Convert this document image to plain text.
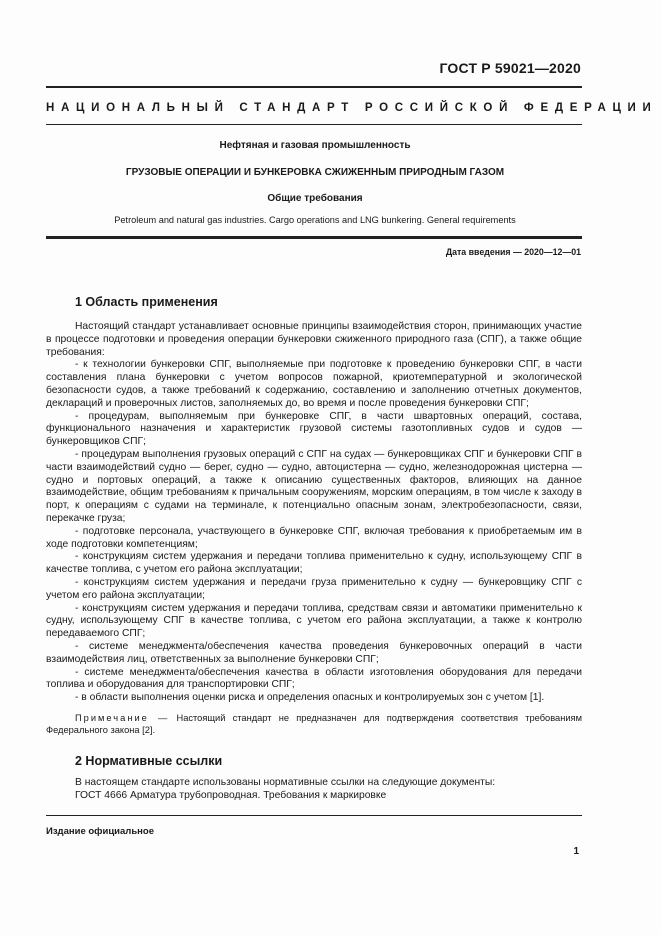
ГОСТ Р 59021—2020
НАЦИОНАЛЬНЫЙ СТАНДАРТ РОССИЙСКОЙ ФЕДЕРАЦИИ
Нефтяная и газовая промышленность
ГРУЗОВЫЕ ОПЕРАЦИИ И БУНКЕРОВКА СЖИЖЕННЫМ ПРИРОДНЫМ ГАЗОМ
Общие требования
Petroleum and natural gas industries. Cargo operations and LNG bunkering. General requirements
Дата введения — 2020—12—01
1 Область применения

Настоящий стандарт устанавливает основные принципы взаимодействия сторон, принимающих участие в процессе подготовки и проведения операции бункеровки сжиженного природного газа (СПГ), а также общие требования:

- к технологии бункеровки СПГ, выполняемые при подготовке к проведению бункеровки СПГ, в части составления плана бункеровки с учетом вопросов пожарной, криотемпературной и экологической безопасности судов, а также требований к содержанию, составлению и заполнению отчетных документов, деклараций и проверочных листов, заполняемых до, во время и после проведения бункеровки СПГ;

- процедурам, выполняемым при бункеровке СПГ, в части швартовных операций, состава, функционального назначения и характеристик грузовой системы газотопливных судов и судов — бункеровщиков СПГ;

- процедурам выполнения грузовых операций с СПГ на судах — бункеровщиках СПГ и бункеровки СПГ в части взаимодействий судно — берег, судно — судно, автоцистерна — судно, железнодорожная цистерна — судно и портовых операций, а также к описанию существенных факторов, влияющих на данное взаимодействие, общим требованиям к причальным сооружениям, морским операциям, в том числе к заходу в порт, к операциям с судами на терминале, к потенциально опасным зонам, электробезопасности, связи, перекачке груза;

- подготовке персонала, участвующего в бункеровке СПГ, включая требования к приобретаемым им в ходе подготовки компетенциям;

- конструкциям систем удержания и передачи топлива применительно к судну, использующему СПГ в качестве топлива, с учетом его района эксплуатации;

- конструкциям систем удержания и передачи груза применительно к судну — бункеровщику СПГ с учетом его района эксплуатации;

- конструкциям систем удержания и передачи топлива, средствам связи и автоматики применительно к судну, использующему СПГ в качестве топлива, с учетом его района эксплуатации, а также к контролю передаваемого СПГ;

- системе менеджмента/обеспечения качества проведения бункеровочных операций в части взаимодействия лиц, ответственных за выполнение бункеровки СПГ;

- системе менеджмента/обеспечения качества в области изготовления оборудования для передачи топлива и оборудования для транспортировки СПГ;

- в области выполнения оценки риска и определения опасных и контролируемых зон с учетом [1].

Примечание — Настоящий стандарт не предназначен для подтверждения соответствия требованиям Федерального закона [2].

2 Нормативные ссылки

В настоящем стандарте использованы нормативные ссылки на следующие документы:

ГОСТ 4666 Арматура трубопроводная. Требования к маркировке

Издание официальное
1
